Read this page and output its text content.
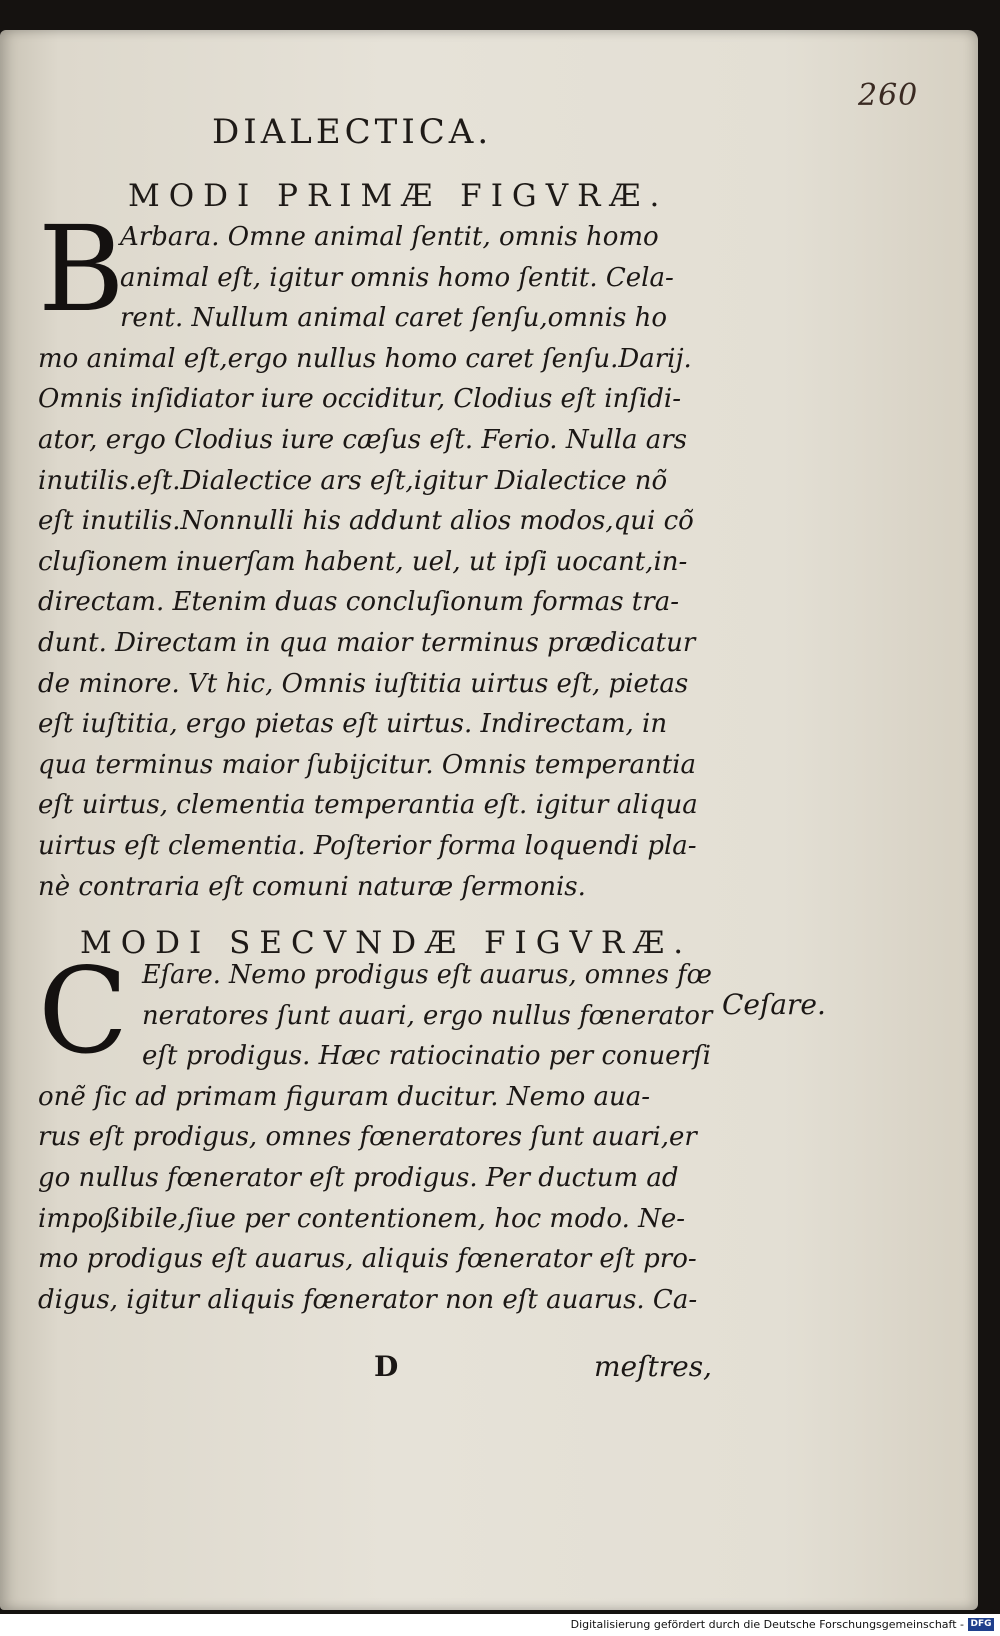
260
DIALECTICA.
MODI PRIMÆ FIGVRÆ.
B
Arbara. Omne animal ſentit, omnis homo
animal eſt, igitur omnis homo ſentit. Cela-
rent. Nullum animal caret ſenſu,omnis ho
mo animal eſt,ergo nullus homo caret ſenſu.Darij.
Omnis inſidiator iure occiditur, Clodius eſt inſidi-
ator, ergo Clodius iure cæſus eſt. Ferio. Nulla ars
inutilis.eſt.Dialectice ars eſt,igitur Dialectice nõ
eſt inutilis.Nonnulli his addunt alios modos,qui cõ
cluſionem inuerſam habent, uel, ut ipſi uocant,in-
directam. Etenim duas concluſionum formas tra-
dunt. Directam in qua maior terminus prædicatur
de minore. Vt hic, Omnis iuſtitia uirtus eſt, pietas
eſt iuſtitia, ergo pietas eſt uirtus. Indirectam, in
qua terminus maior ſubijcitur. Omnis temperantia
eſt uirtus, clementia temperantia eſt. igitur aliqua
uirtus eſt clementia. Poſterior forma loquendi pla-
nè contraria eſt comuni naturæ ſermonis.
MODI SECVNDÆ FIGVRÆ.
C	Ceſare.
Eſare. Nemo prodigus eſt auarus, omnes fœ
neratores ſunt auari, ergo nullus fœnerator
eſt prodigus. Hæc ratiocinatio per conuerſi
onẽ ſic ad primam figuram ducitur. Nemo aua-
rus eſt prodigus, omnes fœneratores ſunt auari,er
go nullus fœnerator eſt prodigus. Per ductum ad
impoßibile,ſiue per contentionem, hoc modo. Ne-
mo prodigus eſt auarus, aliquis fœnerator eſt pro-
digus, igitur aliquis fœnerator non eſt auarus. Ca-
D	meſtres,
Digitalisierung gefördert durch die Deutsche Forschungsgemeinschaft - DFG
